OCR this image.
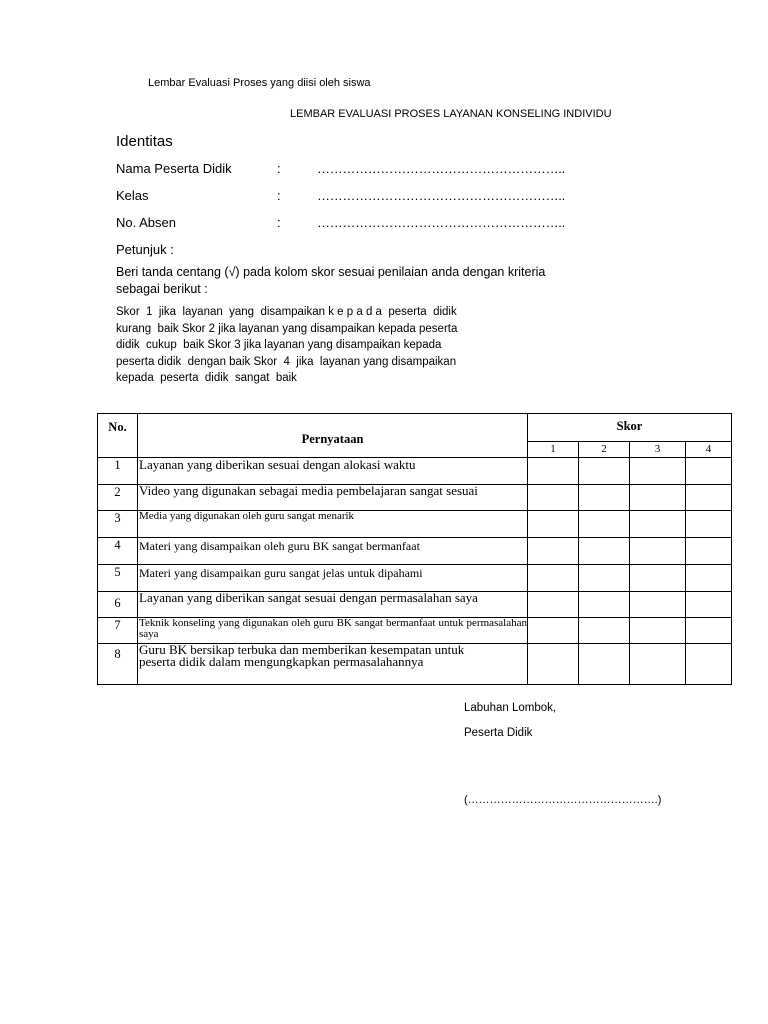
Lembar Evaluasi Proses yang diisi oleh siswa
LEMBAR EVALUASI PROSES LAYANAN KONSELING INDIVIDU
Identitas
Nama Peserta Didik	:	…………………………………………………..
Kelas	:	…………………………………………………..
No. Absen	:	…………………………………………………..
Petunjuk :
Beri tanda centang (√) pada kolom skor sesuai penilaian anda dengan kriteria
sebagai berikut :
Skor  1  jika  layanan  yang  disampaikan k e p a d a  peserta  didik
kurang  baik Skor 2 jika layanan yang disampaikan kepada peserta
didik  cukup  baik Skor 3 jika layanan yang disampaikan kepada
peserta didik  dengan baik Skor  4  jika  layanan yang disampaikan
kepada  peserta  didik  sangat  baik
No.	Pernyataan	Skor			
		1	2	3	4
1	Layanan yang diberikan sesuai dengan alokasi waktu				
2	Video yang digunakan sebagai media pembelajaran sangat sesuai				
3	Media yang digunakan oleh guru sangat menarik				
4	Materi yang disampaikan oleh guru BK sangat bermanfaat				
5	Materi yang disampaikan guru sangat jelas untuk dipahami				
6	Layanan yang diberikan sangat sesuai dengan permasalahan saya				
7	Teknik konseling yang digunakan oleh guru BK sangat bermanfaat untuk permasalahan saya				
8	Guru BK bersikap terbuka dan memberikan kesempatan untuk peserta didik dalam mengungkapkan permasalahannya				
Labuhan Lombok,
Peserta Didik
(…………………………………………….)
